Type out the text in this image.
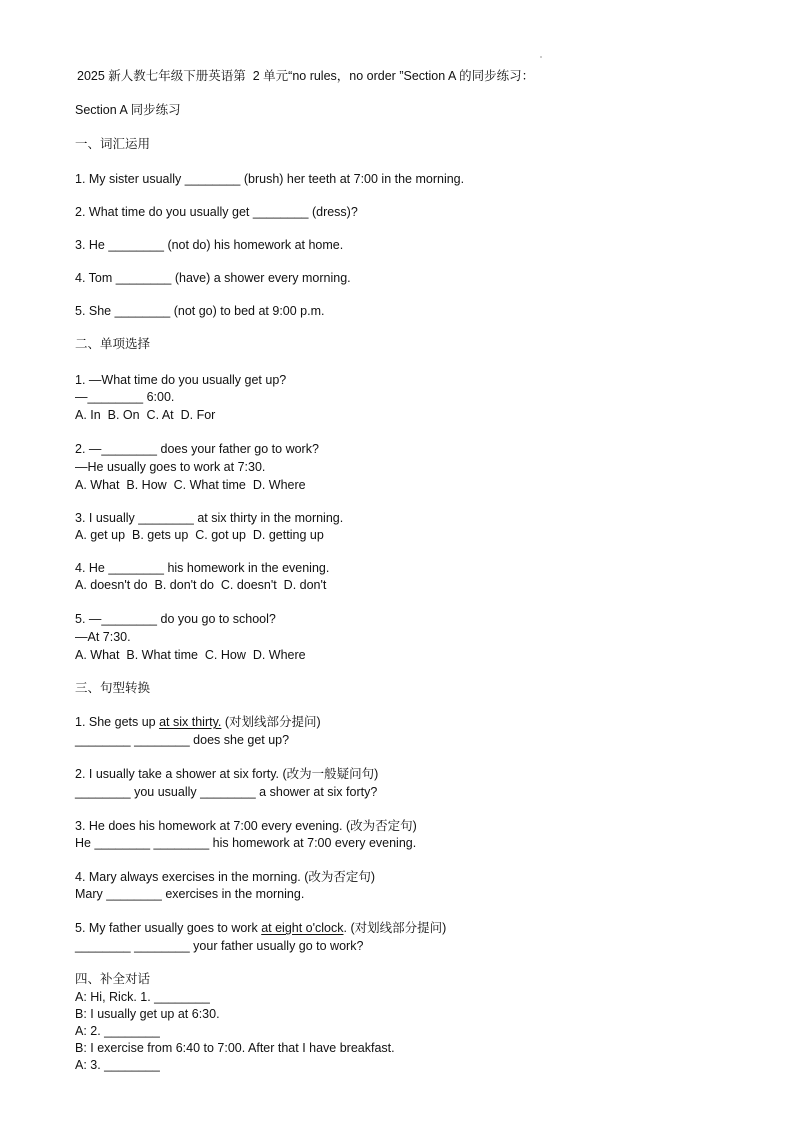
2025 新人教七年级下册英语第  2 单元“no rules，no order ”Section A 的同步练习：
Section A 同步练习
一、词汇运用
1. My sister usually ________ (brush) her teeth at 7:00 in the morning.
2. What time do you usually get ________ (dress)?
3. He ________ (not do) his homework at home.
4. Tom ________ (have) a shower every morning.
5. She ________ (not go) to bed at 9:00 p.m.
二、单项选择
1. —What time do you usually get up?
—________ 6:00.
A. In  B. On  C. At  D. For
2. —________ does your father go to work?
—He usually goes to work at 7:30.
A. What  B. How  C. What time  D. Where
3. I usually ________ at six thirty in the morning.
A. get up  B. gets up  C. got up  D. getting up
4. He ________ his homework in the evening.
A. doesn't do  B. don't do  C. doesn't  D. don't
5. —________ do you go to school?
—At 7:30.
A. What  B. What time  C. How  D. Where
三、句型转换
1. She gets up at six thirty. (对划线部分提问)
________ ________ does she get up?
2. I usually take a shower at six forty. (改为一般疑问句)
________ you usually ________ a shower at six forty?
3. He does his homework at 7:00 every evening. (改为否定句)
He ________ ________ his homework at 7:00 every evening.
4. Mary always exercises in the morning. (改为否定句)
Mary ________ exercises in the morning.
5. My father usually goes to work at eight o'clock. (对划线部分提问)
________ ________ your father usually go to work?
四、补全对话
A: Hi, Rick. 1. ________
B: I usually get up at 6:30.
A: 2. ________
B: I exercise from 6:40 to 7:00. After that I have breakfast.
A: 3. ________
